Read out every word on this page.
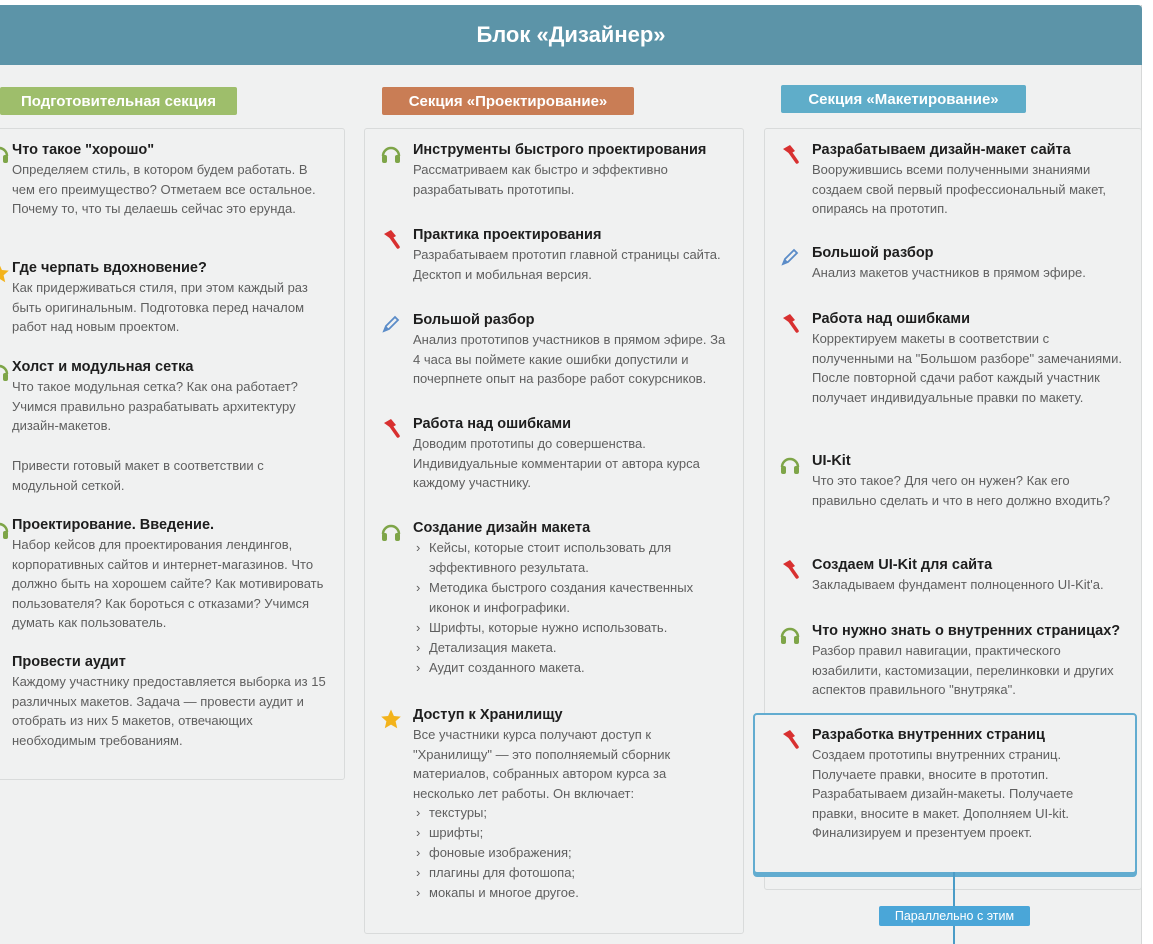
Блок «Дизайнер»
Подготовительная секция	Секция «Проектирование»	Секция «Макетирование»
Что такое "хорошо"
Определяем стиль, в котором будем работать. В чем его преимущество? Отметаем все остальное. Почему то, что ты делаешь сейчас это ерунда.
Где черпать вдохновение?
Как придерживаться стиля, при этом каждый раз быть оригинальным. Подготовка перед началом работ над новым проектом.
Холст и модульная сетка
Что такое модульная сетка? Как она работает? Учимся правильно разрабатывать архитектуру дизайн-макетов.
Привести готовый макет в соответствии с модульной сеткой.
Проектирование. Введение.
Набор кейсов для проектирования лендингов, корпоративных сайтов и интернет-магазинов. Что должно быть на хорошем сайте? Как мотивировать пользователя? Как бороться с отказами? Учимся думать как пользователь.
Провести аудит
Каждому участнику предоставляется выборка из 15 различных макетов. Задача — провести аудит и отобрать из них 5 макетов, отвечающих необходимым требованиям.
Инструменты быстрого проектирования
Рассматриваем как быстро и эффективно разрабатывать прототипы.
Практика проектирования
Разрабатываем прототип главной страницы сайта. Десктоп и мобильная версия.
Большой разбор
Анализ прототипов участников в прямом эфире. За 4 часа вы поймете какие ошибки допустили и почерпнете опыт на разборе работ сокурсников.
Работа над ошибками
Доводим прототипы до совершенства. Индивидуальные комментарии от автора курса каждому участнику.
Создание дизайн макета
› Кейсы, которые стоит использовать для эффективного результата.
› Методика быстрого создания качественных иконок и инфографики.
› Шрифты, которые нужно использовать.
› Детализация макета.
› Аудит созданного макета.
Доступ к Хранилищу
Все участники курса получают доступ к "Хранилищу" — это пополняемый сборник материалов, собранных автором курса за несколько лет работы. Он включает:
› текстуры;
› шрифты;
› фоновые изображения;
› плагины для фотошопа;
› мокапы и многое другое.
Разрабатываем дизайн-макет сайта
Вооружившись всеми полученными знаниями создаем свой первый профессиональный макет, опираясь на прототип.
Большой разбор
Анализ макетов участников в прямом эфире.
Работа над ошибками
Корректируем макеты в соответствии с полученными на "Большом разборе" замечаниями. После повторной сдачи работ каждый участник получает индивидуальные правки по макету.
UI-Kit
Что это такое? Для чего он нужен? Как его правильно сделать и что в него должно входить?
Создаем UI-Kit для сайта
Закладываем фундамент полноценного UI-Kit'a.
Что нужно знать о внутренних страницах?
Разбор правил навигации, практического юзабилити, кастомизации, перелинковки и других аспектов правильного "внутряка".
Разработка внутренних страниц
Создаем прототипы внутренних страниц. Получаете правки, вносите в прототип. Разрабатываем дизайн-макеты. Получаете правки, вносите в макет. Дополняем UI-kit. Финализируем и презентуем проект.
Параллельно с этим
